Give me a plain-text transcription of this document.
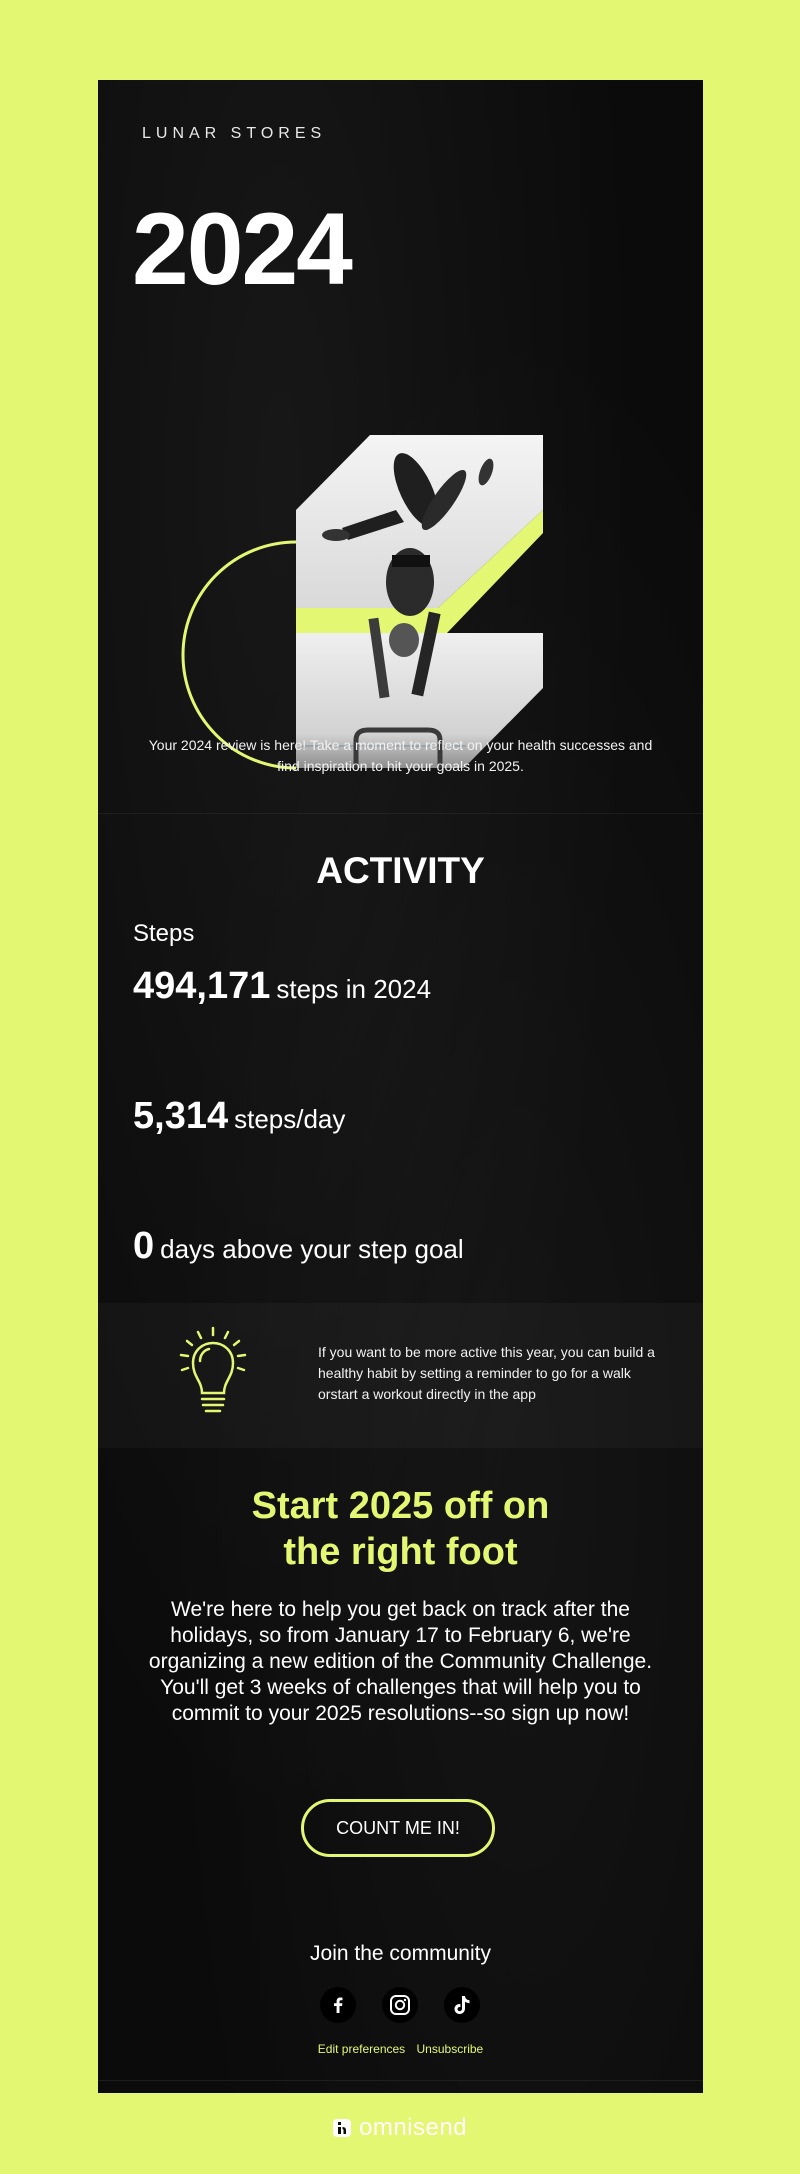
LUNAR STORES
2024
Your 2024 review is here! Take a moment to reflect on your health successes and find inspiration to hit your goals in 2025.
ACTIVITY
Steps
494,171 steps in 2024
5,314 steps/day
0 days above your step goal
If you want to be more active this year, you can build a healthy habit by setting a reminder to go for a walk orstart a workout directly in the app
Start 2025 off on
the right foot
We're here to help you get back on track after the holidays, so from January 17 to February 6, we're organizing a new edition of the Community Challenge. You'll get 3 weeks of challenges that will help you to commit to your 2025 resolutions--so sign up now!
COUNT ME IN!
Join the community
Edit preferences Unsubscribe
omnisend
